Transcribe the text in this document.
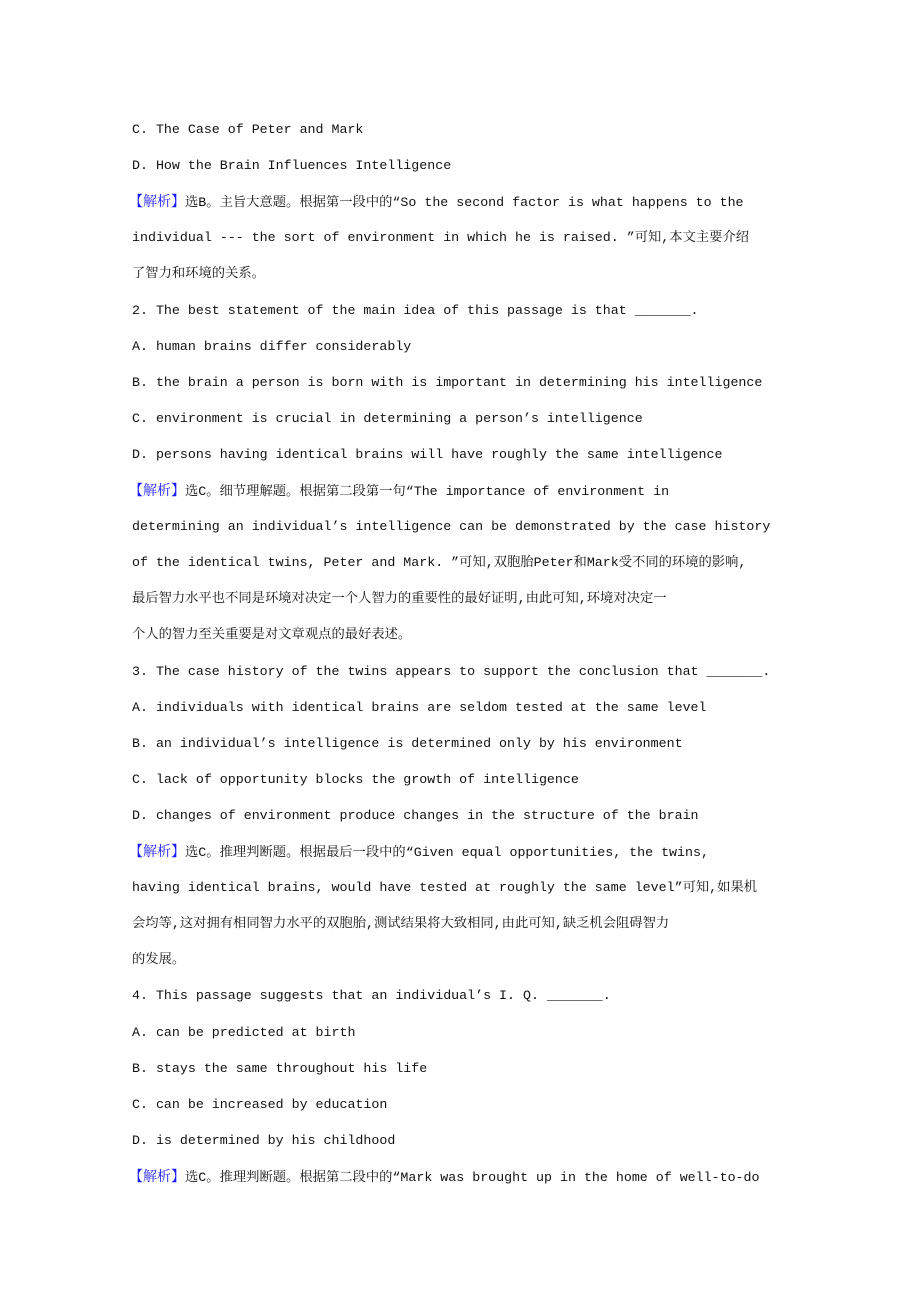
C. The Case of Peter and Mark
D. How the Brain Influences Intelligence
【解析】选B。主旨大意题。根据第一段中的“So the second factor is what happens to the
individual --- the sort of environment in which he is raised. ”可知,本文主要介绍
了智力和环境的关系。
2. The best statement of the main idea of this passage is that _______.
A. human brains differ considerably
B. the brain a person is born with is important in determining his intelligence
C. environment is crucial in determining a person’s intelligence
D. persons having identical brains will have roughly the same intelligence
【解析】选C。细节理解题。根据第二段第一句“The importance of environment in
determining an individual’s intelligence can be demonstrated by the case history
of the identical twins, Peter and Mark. ”可知,双胞胎Peter和Mark受不同的环境的影响,
最后智力水平也不同是环境对决定一个人智力的重要性的最好证明,由此可知,环境对决定一
个人的智力至关重要是对文章观点的最好表述。
3. The case history of the twins appears to support the conclusion that _______.
A. individuals with identical brains are seldom tested at the same level
B. an individual’s intelligence is determined only by his environment
C. lack of opportunity blocks the growth of intelligence
D. changes of environment produce changes in the structure of the brain
【解析】选C。推理判断题。根据最后一段中的“Given equal opportunities, the twins,
having identical brains, would have tested at roughly the same level”可知,如果机
会均等,这对拥有相同智力水平的双胞胎,测试结果将大致相同,由此可知,缺乏机会阻碍智力
的发展。
4. This passage suggests that an individual’s I. Q. _______.
A. can be predicted at birth
B. stays the same throughout his life
C. can be increased by education
D. is determined by his childhood
【解析】选C。推理判断题。根据第二段中的“Mark was brought up in the home of well-to-do
